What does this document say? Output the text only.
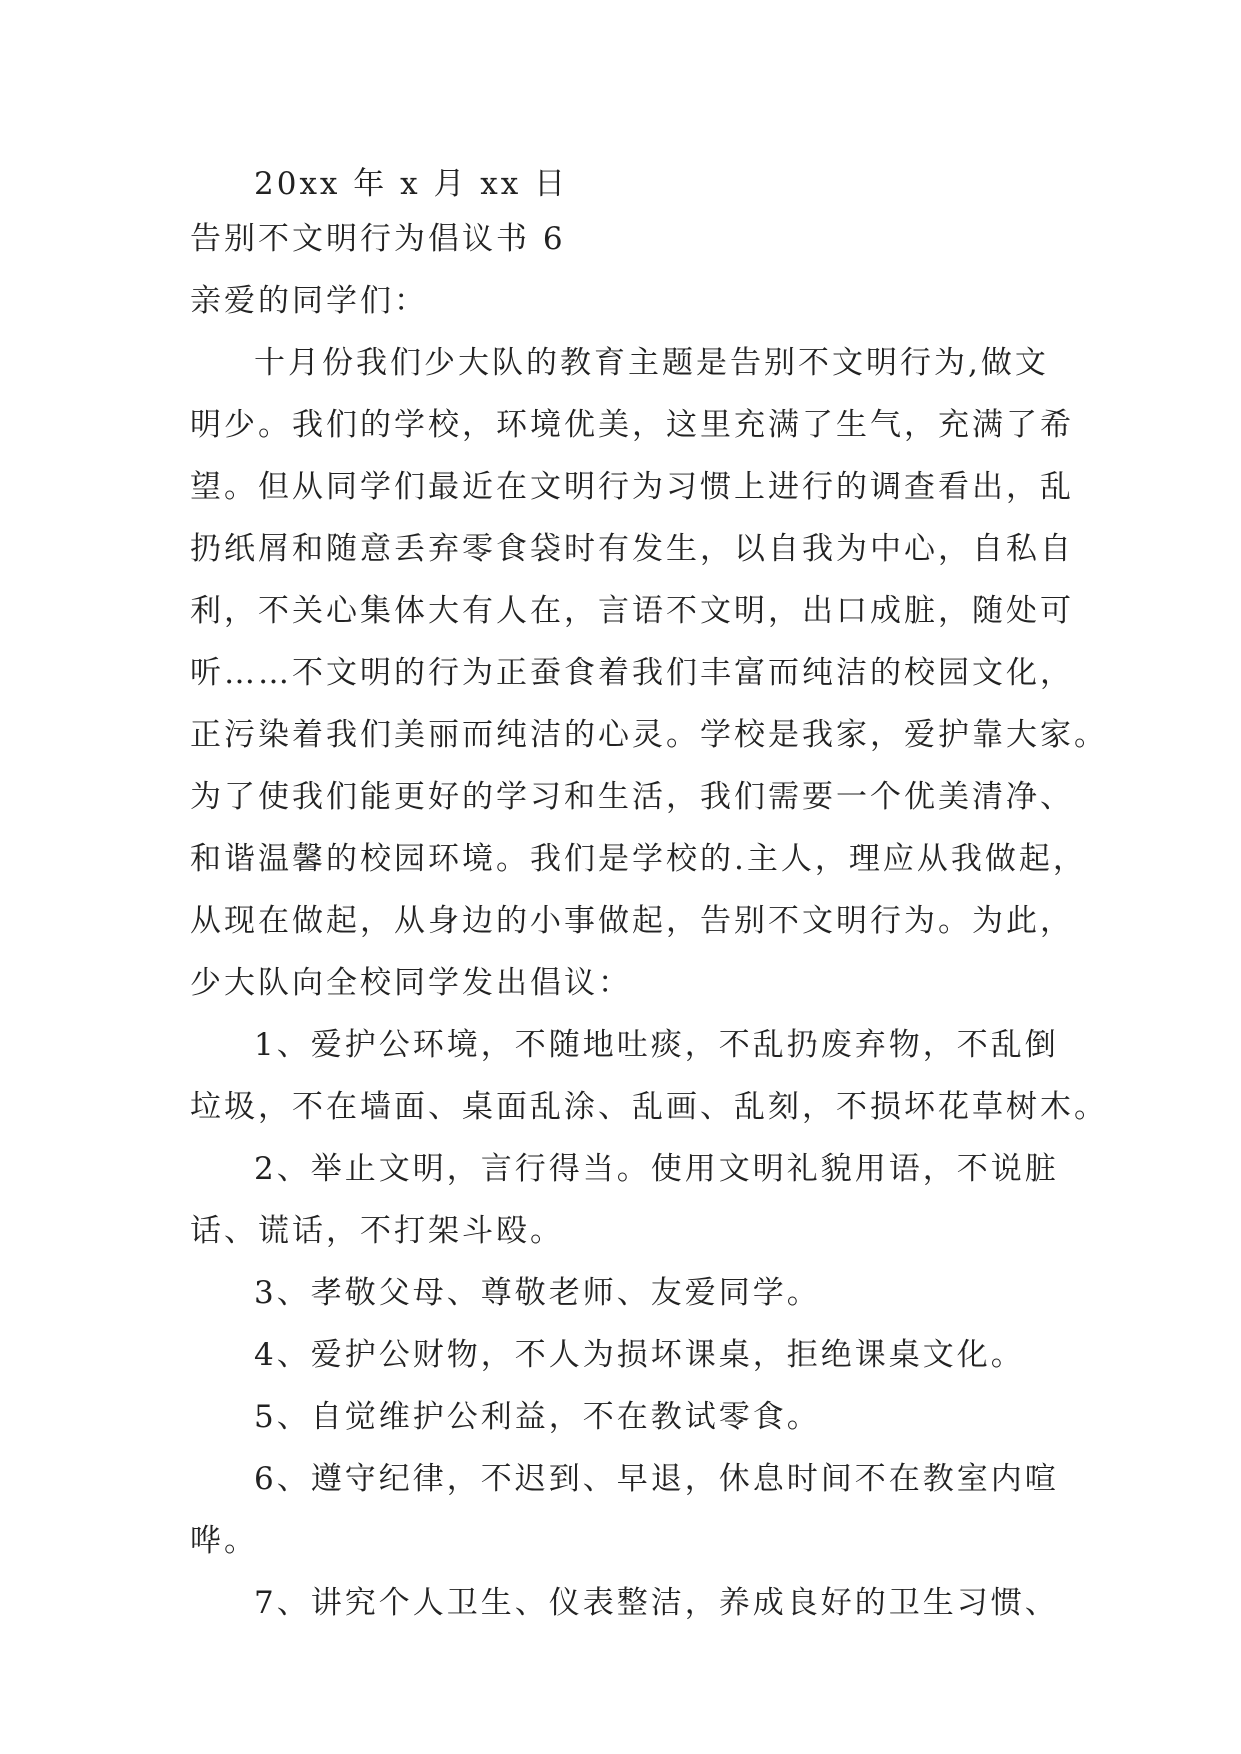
20xx 年 x 月 xx 日
告别不文明行为倡议书 6
亲爱的同学们：
十月份我们少大队的教育主题是告别不文明行为,做文
明少。我们的学校，环境优美，这里充满了生气，充满了希
望。但从同学们最近在文明行为习惯上进行的调查看出，乱
扔纸屑和随意丢弃零食袋时有发生，以自我为中心，自私自
利，不关心集体大有人在，言语不文明，出口成脏，随处可
听……不文明的行为正蚕食着我们丰富而纯洁的校园文化，
正污染着我们美丽而纯洁的心灵。学校是我家，爱护靠大家。
为了使我们能更好的学习和生活，我们需要一个优美清净、
和谐温馨的校园环境。我们是学校的.主人，理应从我做起，
从现在做起，从身边的小事做起，告别不文明行为。为此，
少大队向全校同学发出倡议：
1、爱护公环境，不随地吐痰，不乱扔废弃物，不乱倒
垃圾，不在墙面、桌面乱涂、乱画、乱刻，不损坏花草树木。
2、举止文明，言行得当。使用文明礼貌用语，不说脏
话、谎话，不打架斗殴。
3、孝敬父母、尊敬老师、友爱同学。
4、爱护公财物，不人为损坏课桌，拒绝课桌文化。
5、自觉维护公利益，不在教试零食。
6、遵守纪律，不迟到、早退，休息时间不在教室内喧
哗。
7、讲究个人卫生、仪表整洁，养成良好的卫生习惯、
